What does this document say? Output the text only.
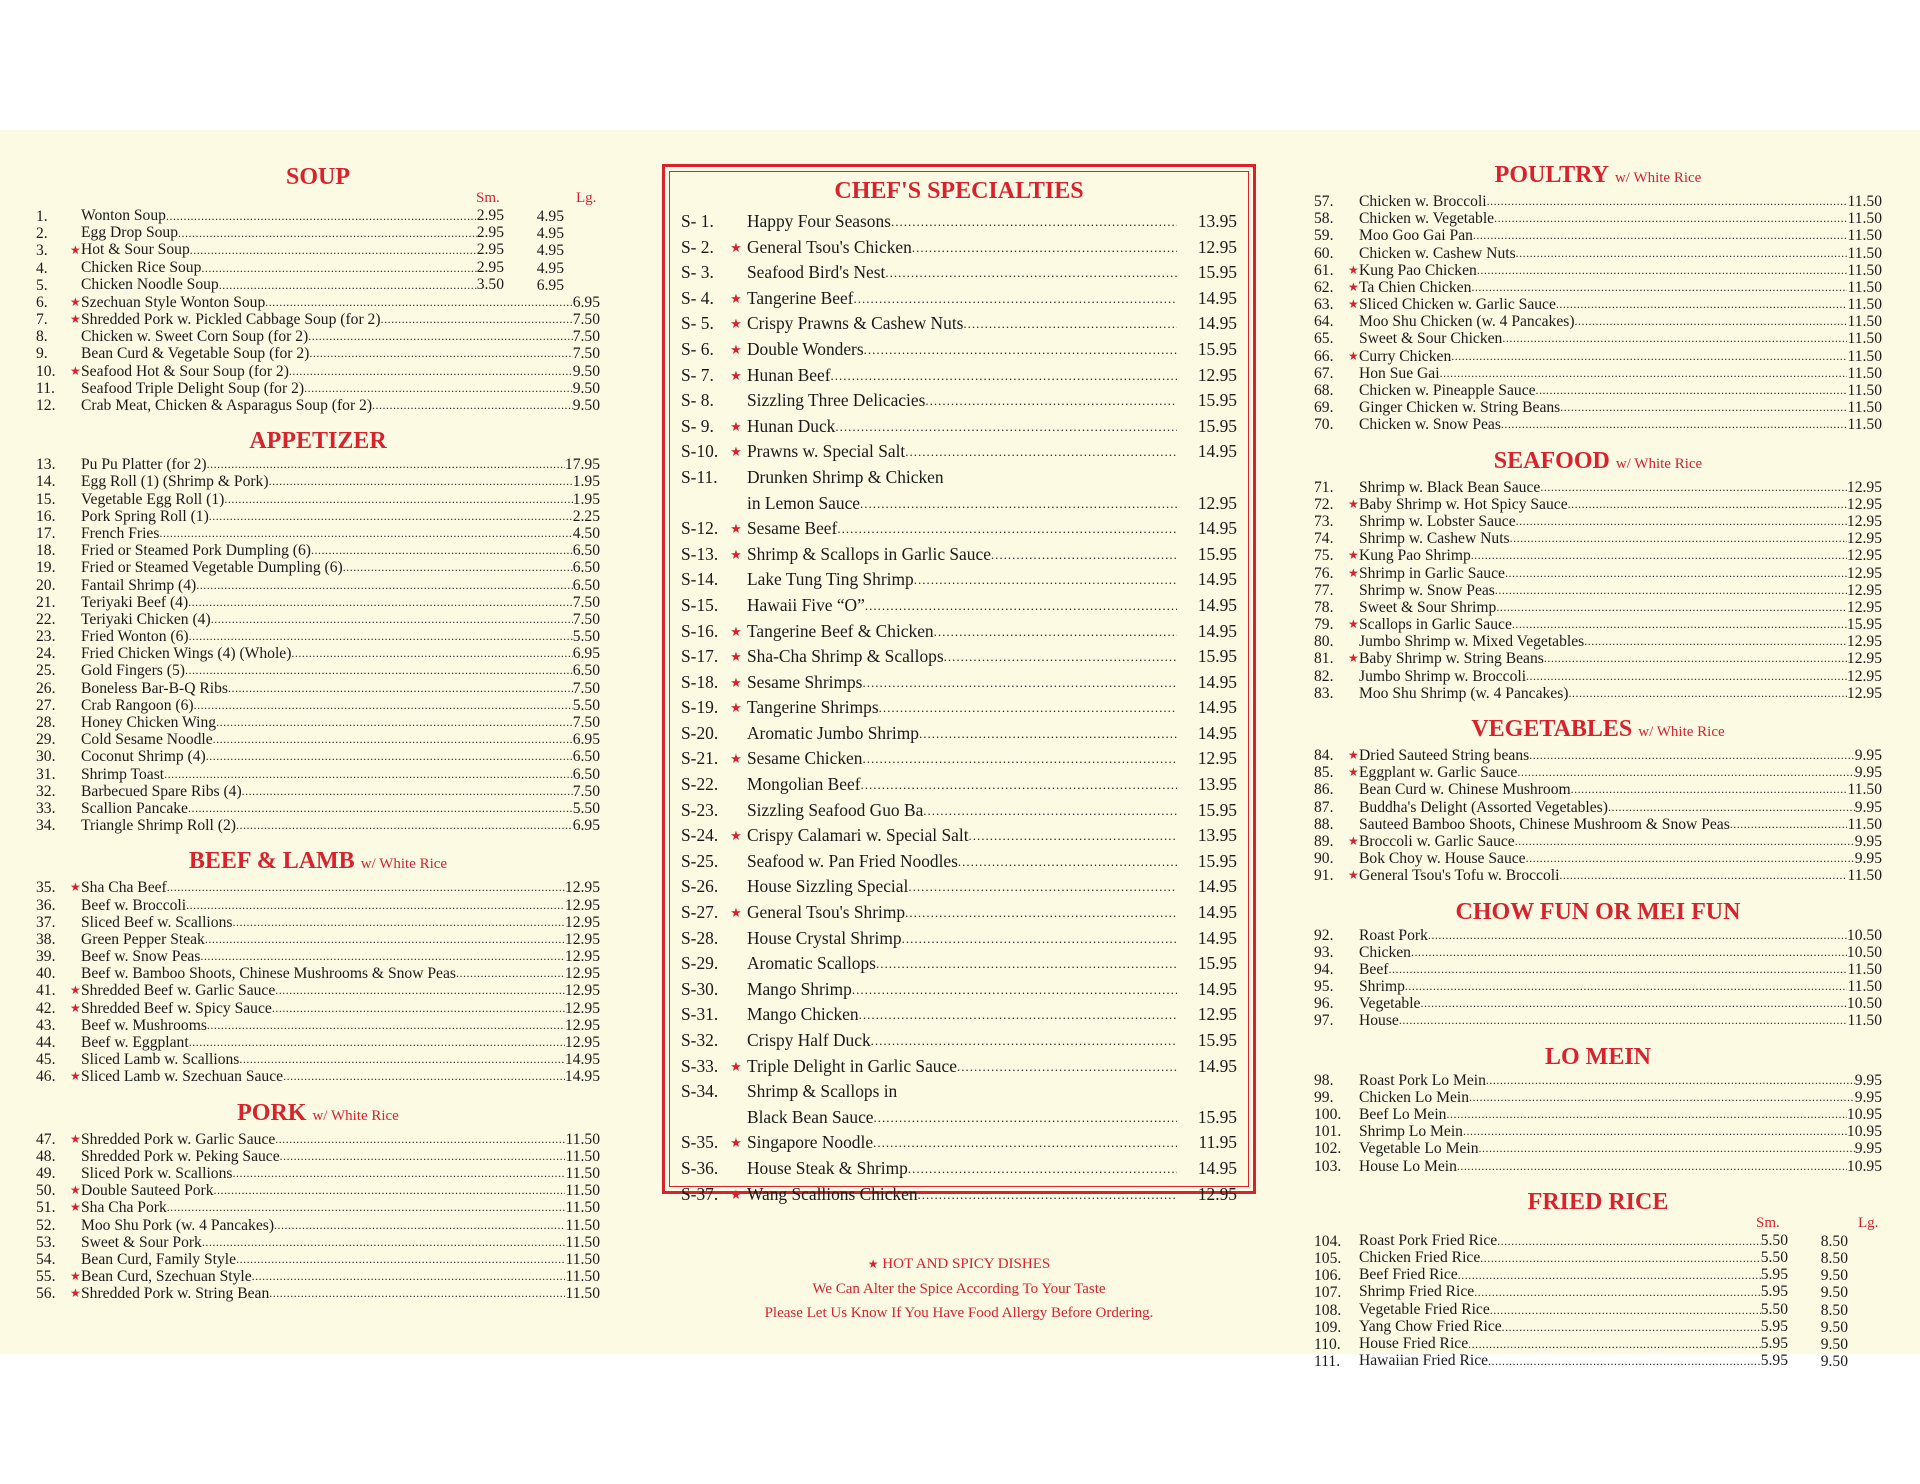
SOUP
Sm.	Lg.
1.	Wonton Soup .....	2.95	4.95
2.	Egg Drop Soup .....	2.95	4.95
3.	★ Hot & Sour Soup .....	2.95	4.95
4.	Chicken Rice Soup .....	2.95	4.95
5.	Chicken Noodle Soup .....	3.50	6.95
6.	★ Szechuan Style Wonton Soup .....	6.95
7.	★ Shredded Pork w. Pickled Cabbage Soup (for 2) .....	7.50
8.	Chicken w. Sweet Corn Soup (for 2) .....	7.50
9.	Bean Curd & Vegetable Soup (for 2) .....	7.50
10.	★ Seafood Hot & Sour Soup (for 2) .....	9.50
11.	Seafood Triple Delight Soup (for 2) .....	9.50
12.	Crab Meat, Chicken & Asparagus Soup (for 2) .....	9.50
APPETIZER
13.	Pu Pu Platter (for 2) .....	17.95
14.	Egg Roll (1) (Shrimp & Pork) .....	1.95
15.	Vegetable Egg Roll (1) .....	1.95
16.	Pork Spring Roll (1) .....	2.25
17.	French Fries .....	4.50
18.	Fried or Steamed Pork Dumpling (6) .....	6.50
19.	Fried or Steamed Vegetable Dumpling (6) .....	6.50
20.	Fantail Shrimp (4) .....	6.50
21.	Teriyaki Beef (4) .....	7.50
22.	Teriyaki Chicken (4) .....	7.50
23.	Fried Wonton (6) .....	5.50
24.	Fried Chicken Wings (4) (Whole) .....	6.95
25.	Gold Fingers (5) .....	6.50
26.	Boneless Bar-B-Q Ribs .....	7.50
27.	Crab Rangoon (6) .....	5.50
28.	Honey Chicken Wing .....	7.50
29.	Cold Sesame Noodle .....	6.95
30.	Coconut Shrimp (4) .....	6.50
31.	Shrimp Toast .....	6.50
32.	Barbecued Spare Ribs (4) .....	7.50
33.	Scallion Pancake .....	5.50
34.	Triangle Shrimp Roll (2) .....	6.95
BEEF & LAMB w/ White Rice
35.	★ Sha Cha Beef .....	12.95
36.	Beef w. Broccoli .....	12.95
37.	Sliced Beef w. Scallions .....	12.95
38.	Green Pepper Steak .....	12.95
39.	Beef w. Snow Peas .....	12.95
40.	Beef w. Bamboo Shoots, Chinese Mushrooms & Snow Peas .....	12.95
41.	★ Shredded Beef w. Garlic Sauce .....	12.95
42.	★ Shredded Beef w. Spicy Sauce .....	12.95
43.	Beef w. Mushrooms .....	12.95
44.	Beef w. Eggplant .....	12.95
45.	Sliced Lamb w. Scallions .....	14.95
46.	★ Sliced Lamb w. Szechuan Sauce .....	14.95
PORK w/ White Rice
47.	★ Shredded Pork w. Garlic Sauce .....	11.50
48.	Shredded Pork w. Peking Sauce .....	11.50
49.	Sliced Pork w. Scallions .....	11.50
50.	★ Double Sauteed Pork .....	11.50
51.	★ Sha Cha Pork .....	11.50
52.	Moo Shu Pork (w. 4 Pancakes) .....	11.50
53.	Sweet & Sour Pork .....	11.50
54.	Bean Curd, Family Style .....	11.50
55.	★ Bean Curd, Szechuan Style .....	11.50
56.	★ Shredded Pork w. String Bean .....	11.50
CHEF'S SPECIALTIES
S- 1.	Happy Four Seasons .....	13.95
S- 2.	★ General Tsou's Chicken .....	12.95
S- 3.	Seafood Bird's Nest .....	15.95
S- 4.	★ Tangerine Beef .....	14.95
S- 5.	★ Crispy Prawns & Cashew Nuts .....	14.95
S- 6.	★ Double Wonders .....	15.95
S- 7.	★ Hunan Beef .....	12.95
S- 8.	Sizzling Three Delicacies .....	15.95
S- 9.	★ Hunan Duck .....	15.95
S-10. ★ Prawns w. Special Salt .....	14.95
S-11.	Drunken Shrimp & Chicken
in Lemon Sauce .....	12.95
S-12. ★ Sesame Beef .....	14.95
S-13. ★ Shrimp & Scallops in Garlic Sauce .....	15.95
S-14.	Lake Tung Ting Shrimp .....	14.95
S-15.	Hawaii Five “O” .....	14.95
S-16. ★ Tangerine Beef & Chicken .....	14.95
S-17. ★ Sha-Cha Shrimp & Scallops .....	15.95
S-18. ★ Sesame Shrimps .....	14.95
S-19. ★ Tangerine Shrimps .....	14.95
S-20.	Aromatic Jumbo Shrimp .....	14.95
S-21. ★ Sesame Chicken .....	12.95
S-22.	Mongolian Beef .....	13.95
S-23.	Sizzling Seafood Guo Ba .....	15.95
S-24. ★ Crispy Calamari w. Special Salt .....	13.95
S-25.	Seafood w. Pan Fried Noodles .....	15.95
S-26.	House Sizzling Special .....	14.95
S-27. ★ General Tsou's Shrimp .....	14.95
S-28.	House Crystal Shrimp .....	14.95
S-29.	Aromatic Scallops .....	15.95
S-30.	Mango Shrimp .....	14.95
S-31.	Mango Chicken .....	12.95
S-32.	Crispy Half Duck .....	15.95
S-33. ★ Triple Delight in Garlic Sauce .....	14.95
S-34.	Shrimp & Scallops in
Black Bean Sauce .....	15.95
S-35. ★ Singapore Noodle .....	11.95
S-36.	House Steak & Shrimp .....	14.95
S-37. ★ Wang Scallions Chicken .....	12.95
★ HOT AND SPICY DISHES
We Can Alter the Spice According To Your Taste
Please Let Us Know If You Have Food Allergy Before Ordering.
POULTRY w/ White Rice
57.	Chicken w. Broccoli .....	11.50
58.	Chicken w. Vegetable .....	11.50
59.	Moo Goo Gai Pan .....	11.50
60.	Chicken w. Cashew Nuts .....	11.50
61.	★ Kung Pao Chicken .....	11.50
62.	★ Ta Chien Chicken .....	11.50
63.	★ Sliced Chicken w. Garlic Sauce .....	11.50
64.	Moo Shu Chicken (w. 4 Pancakes) .....	11.50
65.	Sweet & Sour Chicken .....	11.50
66.	★ Curry Chicken .....	11.50
67.	Hon Sue Gai .....	11.50
68.	Chicken w. Pineapple Sauce .....	11.50
69.	Ginger Chicken w. String Beans .....	11.50
70.	Chicken w. Snow Peas .....	11.50
SEAFOOD w/ White Rice
71.	Shrimp w. Black Bean Sauce .....	12.95
72.	★ Baby Shrimp w. Hot Spicy Sauce .....	12.95
73.	Shrimp w. Lobster Sauce .....	12.95
74.	Shrimp w. Cashew Nuts .....	12.95
75.	★ Kung Pao Shrimp .....	12.95
76.	★ Shrimp in Garlic Sauce .....	12.95
77.	Shrimp w. Snow Peas .....	12.95
78.	Sweet & Sour Shrimp .....	12.95
79.	★ Scallops in Garlic Sauce .....	15.95
80.	Jumbo Shrimp w. Mixed Vegetables .....	12.95
81.	★ Baby Shrimp w. String Beans .....	12.95
82.	Jumbo Shrimp w. Broccoli .....	12.95
83.	Moo Shu Shrimp (w. 4 Pancakes) .....	12.95
VEGETABLES w/ White Rice
84.	★ Dried Sauteed String beans .....	9.95
85.	★ Eggplant w. Garlic Sauce .....	9.95
86.	Bean Curd w. Chinese Mushroom .....	11.50
87.	Buddha's Delight (Assorted Vegetables) .....	9.95
88.	Sauteed Bamboo Shoots, Chinese Mushroom & Snow Peas .....	11.50
89.	★ Broccoli w. Garlic Sauce .....	9.95
90.	Bok Choy w. House Sauce .....	9.95
91.	★ General Tsou's Tofu w. Broccoli .....	11.50
CHOW FUN OR MEI FUN
92.	Roast Pork .....	10.50
93.	Chicken .....	10.50
94.	Beef .....	11.50
95.	Shrimp .....	11.50
96.	Vegetable .....	10.50
97.	House .....	11.50
LO MEIN
98.	Roast Pork Lo Mein .....	9.95
99.	Chicken Lo Mein .....	9.95
100.	Beef Lo Mein .....	10.95
101.	Shrimp Lo Mein .....	10.95
102.	Vegetable Lo Mein .....	9.95
103.	House Lo Mein .....	10.95
FRIED RICE
Sm.	Lg.
104.	Roast Pork Fried Rice .....	5.50	8.50
105.	Chicken Fried Rice .....	5.50	8.50
106.	Beef Fried Rice .....	5.95	9.50
107.	Shrimp Fried Rice .....	5.95	9.50
108.	Vegetable Fried Rice .....	5.50	8.50
109.	Yang Chow Fried Rice .....	5.95	9.50
110.	House Fried Rice .....	5.95	9.50
111.	Hawaiian Fried Rice .....	5.95	9.50
